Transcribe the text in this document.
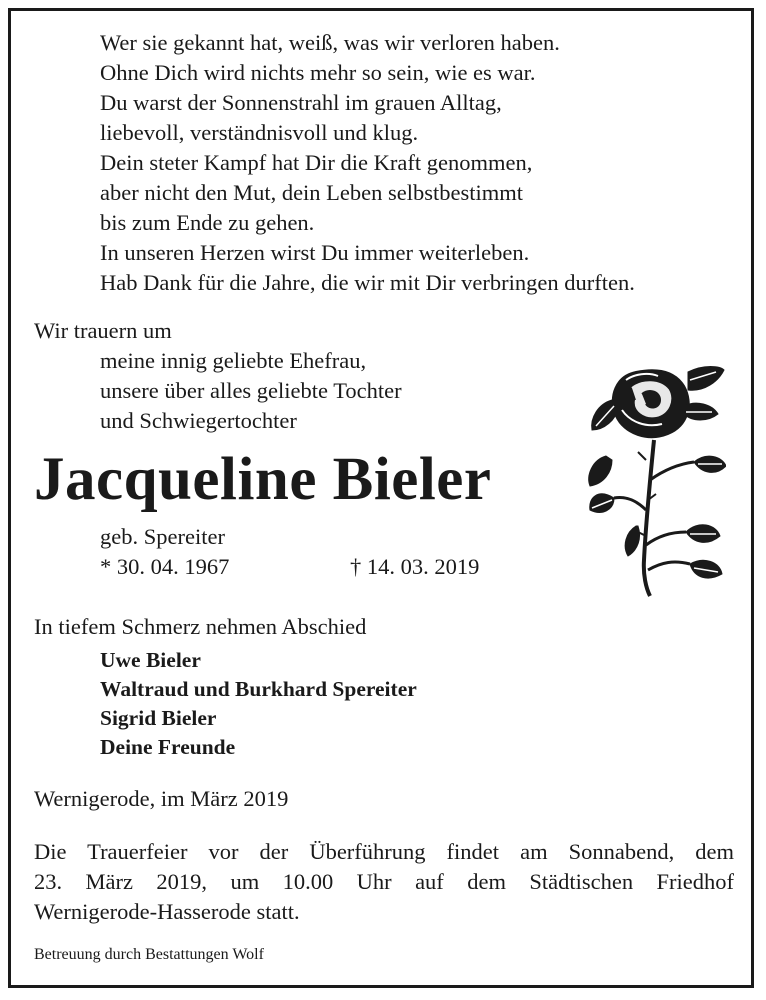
Wer sie gekannt hat, weiß, was wir verloren haben.
Ohne Dich wird nichts mehr so sein, wie es war.
Du warst der Sonnenstrahl im grauen Alltag,
liebevoll, verständnisvoll und klug.
Dein steter Kampf hat Dir die Kraft genommen,
aber nicht den Mut, dein Leben selbstbestimmt
bis zum Ende zu gehen.
In unseren Herzen wirst Du immer weiterleben.
Hab Dank für die Jahre, die wir mit Dir verbringen durften.
Wir trauern um
meine innig geliebte Ehefrau,
unsere über alles geliebte Tochter
und Schwiegertochter
Jacqueline Bieler
geb. Spereiter
* 30. 04. 1967	† 14. 03. 2019
In tiefem Schmerz nehmen Abschied
Uwe Bieler
Waltraud und Burkhard Spereiter
Sigrid Bieler
Deine Freunde
Wernigerode, im März 2019
Die Trauerfeier vor der Überführung findet am Sonnabend, dem
23. März 2019, um 10.00 Uhr auf dem Städtischen Friedhof
Wernigerode-Hasserode statt.
Betreuung durch Bestattungen Wolf
